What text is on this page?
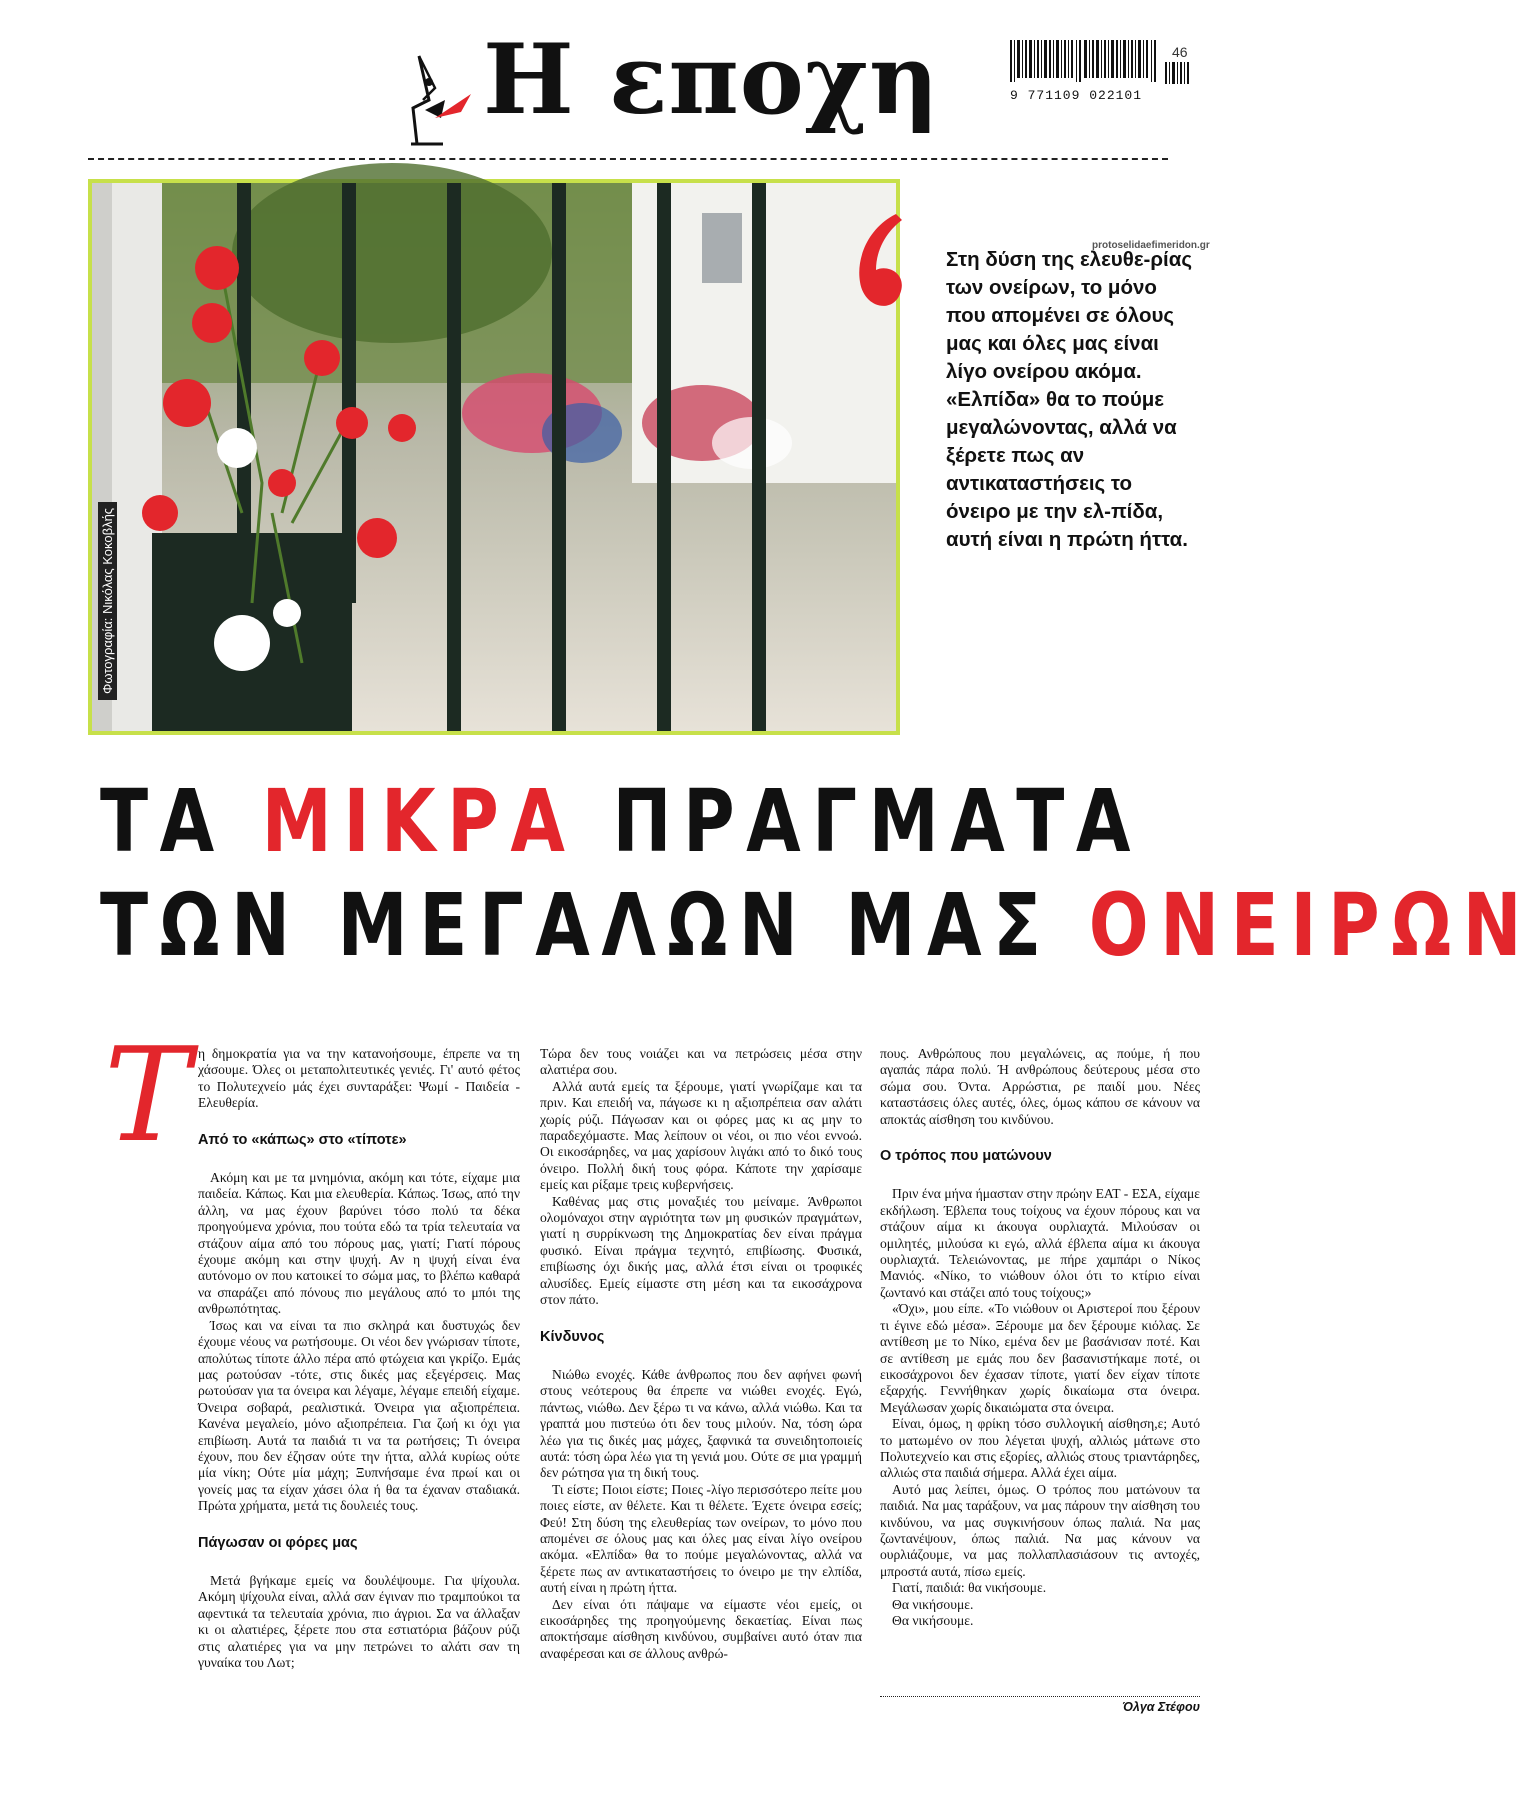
Η εποχη	9 771109 022101
46
Φωτογραφία: Νικόλας Κοκοβλής
protoselidaefimeridon.gr
Στη δύση της ελευθε-ρίας των ονείρων, το μόνο που απομένει σε όλους μας και όλες μας είναι λίγο ονείρου ακόμα. «Ελπίδα» θα το πούμε μεγαλώνοντας, αλλά να ξέρετε πως αν αντικαταστήσεις το όνειρο με την ελ-πίδα, αυτή είναι η πρώτη ήττα.
ΤΑ ΜΙΚΡΑ ΠΡΑΓΜΑΤΑ
ΤΩΝ ΜΕΓΑΛΩΝ ΜΑΣ ΟΝΕΙΡΩΝ
Τ η δημοκρατία για να την κατανοήσουμε, έπρεπε να τη χάσουμε. Όλες οι μεταπολιτευτικές γενιές. Γι' αυτό φέτος το Πολυτεχνείο μάς έχει συνταράξει: Ψωμί - Παιδεία - Ελευθερία.

Από το «κάπως» στο «τίποτε»

Ακόμη και με τα μνημόνια, ακόμη και τότε, είχαμε μια παιδεία. Κάπως. Και μια ελευθερία. Κάπως. Ίσως, από την άλλη, να μας έχουν βαρύνει τόσο πολύ τα δέκα προηγούμενα χρόνια, που τούτα εδώ τα τρία τελευταία να στάζουν αίμα από του πόρους μας, γιατί; Γιατί πόρους έχουμε ακόμη και στην ψυχή. Αν η ψυχή είναι ένα αυτόνομο ον που κατοικεί το σώμα μας, το βλέπω καθαρά να σπαράζει από πόνους πιο μεγάλους από το μπόι της ανθρωπότητας.

Ίσως και να είναι τα πιο σκληρά και δυστυχώς δεν έχουμε νέους να ρωτήσουμε. Οι νέοι δεν γνώρισαν τίποτε, απολύτως τίποτε άλλο πέρα από φτώχεια και γκρίζο. Εμάς μας ρωτούσαν -τότε, στις δικές μας εξεγέρσεις. Μας ρωτούσαν για τα όνειρα και λέγαμε, λέγαμε επειδή είχαμε. Όνειρα σοβαρά, ρεαλιστικά. Όνειρα για αξιοπρέπεια. Κανένα μεγαλείο, μόνο αξιοπρέπεια. Για ζωή κι όχι για επιβίωση. Αυτά τα παιδιά τι να τα ρωτήσεις; Τι όνειρα έχουν, που δεν έζησαν ούτε την ήττα, αλλά κυρίως ούτε μία νίκη; Ούτε μία μάχη; Ξυπνήσαμε ένα πρωί και οι γονείς μας τα είχαν χάσει όλα ή θα τα έχαναν σταδιακά. Πρώτα χρήματα, μετά τις δουλειές τους.

Πάγωσαν οι φόρες μας

Μετά βγήκαμε εμείς να δουλέψουμε. Για ψίχουλα. Ακόμη ψίχουλα είναι, αλλά σαν έγιναν πιο τραμπούκοι τα αφεντικά τα τελευταία χρόνια, πιο άγριοι. Σα να άλλαξαν κι οι αλατιέρες, ξέρετε που στα εστιατόρια βάζουν ρύζι στις αλατιέρες για να μην πετρώνει το αλάτι σαν τη γυναίκα του Λωτ;

Τώρα δεν τους νοιάζει και να πετρώσεις μέσα στην αλατιέρα σου.

Αλλά αυτά εμείς τα ξέρουμε, γιατί γνωρίζαμε και τα πριν. Και επειδή να, πάγωσε κι η αξιοπρέπεια σαν αλάτι χωρίς ρύζι. Πάγωσαν και οι φόρες μας κι ας μην το παραδεχόμαστε. Μας λείπουν οι νέοι, οι πιο νέοι εννοώ. Οι εικοσάρηδες, να μας χαρίσουν λιγάκι από το δικό τους όνειρο. Πολλή δική τους φόρα. Κάποτε την χαρίσαμε εμείς και ρίξαμε τρεις κυβερνήσεις.

Καθένας μας στις μοναξιές του μείναμε. Άνθρωποι ολομόναχοι στην αγριότητα των μη φυσικών πραγμάτων, γιατί η συρρίκνωση της Δημοκρατίας δεν είναι πράγμα φυσικό. Είναι πράγμα τεχνητό, επιβίωσης. Φυσικά, επιβίωσης όχι δικής μας, αλλά έτσι είναι οι τροφικές αλυσίδες. Εμείς είμαστε στη μέση και τα εικοσάχρονα στον πάτο.

Κίνδυνος

Νιώθω ενοχές. Κάθε άνθρωπος που δεν αφήνει φωνή στους νεότερους θα έπρεπε να νιώθει ενοχές. Εγώ, πάντως, νιώθω. Δεν ξέρω τι να κάνω, αλλά νιώθω. Και τα γραπτά μου πιστεύω ότι δεν τους μιλούν. Να, τόση ώρα λέω για τις δικές μας μάχες, ξαφνικά τα συνειδητοποιείς αυτά: τόση ώρα λέω για τη γενιά μου. Ούτε σε μια γραμμή δεν ρώτησα για τη δική τους.

Τι είστε; Ποιοι είστε; Ποιες -λίγο περισσότερο πείτε μου ποιες είστε, αν θέλετε. Και τι θέλετε. Έχετε όνειρα εσείς; Φεύ! Στη δύση της ελευθερίας των ονείρων, το μόνο που απομένει σε όλους μας και όλες μας είναι λίγο ονείρου ακόμα. «Ελπίδα» θα το πούμε μεγαλώνοντας, αλλά να ξέρετε πως αν αντικαταστήσεις το όνειρο με την ελπίδα, αυτή είναι η πρώτη ήττα.

Δεν είναι ότι πάψαμε να είμαστε νέοι εμείς, οι εικοσάρηδες της προηγούμενης δεκαετίας. Είναι πως αποκτήσαμε αίσθηση κινδύνου, συμβαίνει αυτό όταν πια αναφέρεσαι και σε άλλους ανθρώ-

πους. Ανθρώπους που μεγαλώνεις, ας πούμε, ή που αγαπάς πάρα πολύ. Ή ανθρώπους δεύτερους μέσα στο σώμα σου. Όντα. Αρρώστια, ρε παιδί μου. Νέες καταστάσεις όλες αυτές, όλες, όμως κάπου σε κάνουν να αποκτάς αίσθηση του κινδύνου.

Ο τρόπος που ματώνουν

Πριν ένα μήνα ήμασταν στην πρώην ΕΑΤ - ΕΣΑ, είχαμε εκδήλωση. Έβλεπα τους τοίχους να έχουν πόρους και να στάζουν αίμα κι άκουγα ουρλιαχτά. Μιλούσαν οι ομιλητές, μιλούσα κι εγώ, αλλά έβλεπα αίμα κι άκουγα ουρλιαχτά. Τελειώνοντας, με πήρε χαμπάρι ο Νίκος Μανιός. «Νίκο, το νιώθουν όλοι ότι το κτίριο είναι ζωντανό και στάζει από τους τοίχους;»

«Όχι», μου είπε. «Το νιώθουν οι Αριστεροί που ξέρουν τι έγινε εδώ μέσα». Ξέρουμε μα δεν ξέρουμε κιόλας. Σε αντίθεση με το Νίκο, εμένα δεν με βασάνισαν ποτέ. Και σε αντίθεση με εμάς που δεν βασανιστήκαμε ποτέ, οι εικοσάχρονοι δεν έχασαν τίποτε, γιατί δεν είχαν τίποτε εξαρχής. Γεννήθηκαν χωρίς δικαίωμα στα όνειρα. Μεγάλωσαν χωρίς δικαιώματα στα όνειρα.

Είναι, όμως, η φρίκη τόσο συλλογική αίσθηση,ε; Αυτό το ματωμένο ον που λέγεται ψυχή, αλλιώς μάτωνε στο Πολυτεχνείο και στις εξορίες, αλλιώς στους τριαντάρηδες, αλλιώς στα παιδιά σήμερα. Αλλά έχει αίμα.

Αυτό μας λείπει, όμως. Ο τρόπος που ματώνουν τα παιδιά. Να μας ταράξουν, να μας πάρουν την αίσθηση του κινδύνου, να μας συγκινήσουν όπως παλιά. Να μας ζωντανέψουν, όπως παλιά. Να μας κάνουν να ουρλιάζουμε, να μας πολλαπλασιάσουν τις αντοχές, μπροστά αυτά, πίσω εμείς.

Γιατί, παιδιά: θα νικήσουμε.

Θα νικήσουμε.

Θα νικήσουμε.

Όλγα Στέφου
